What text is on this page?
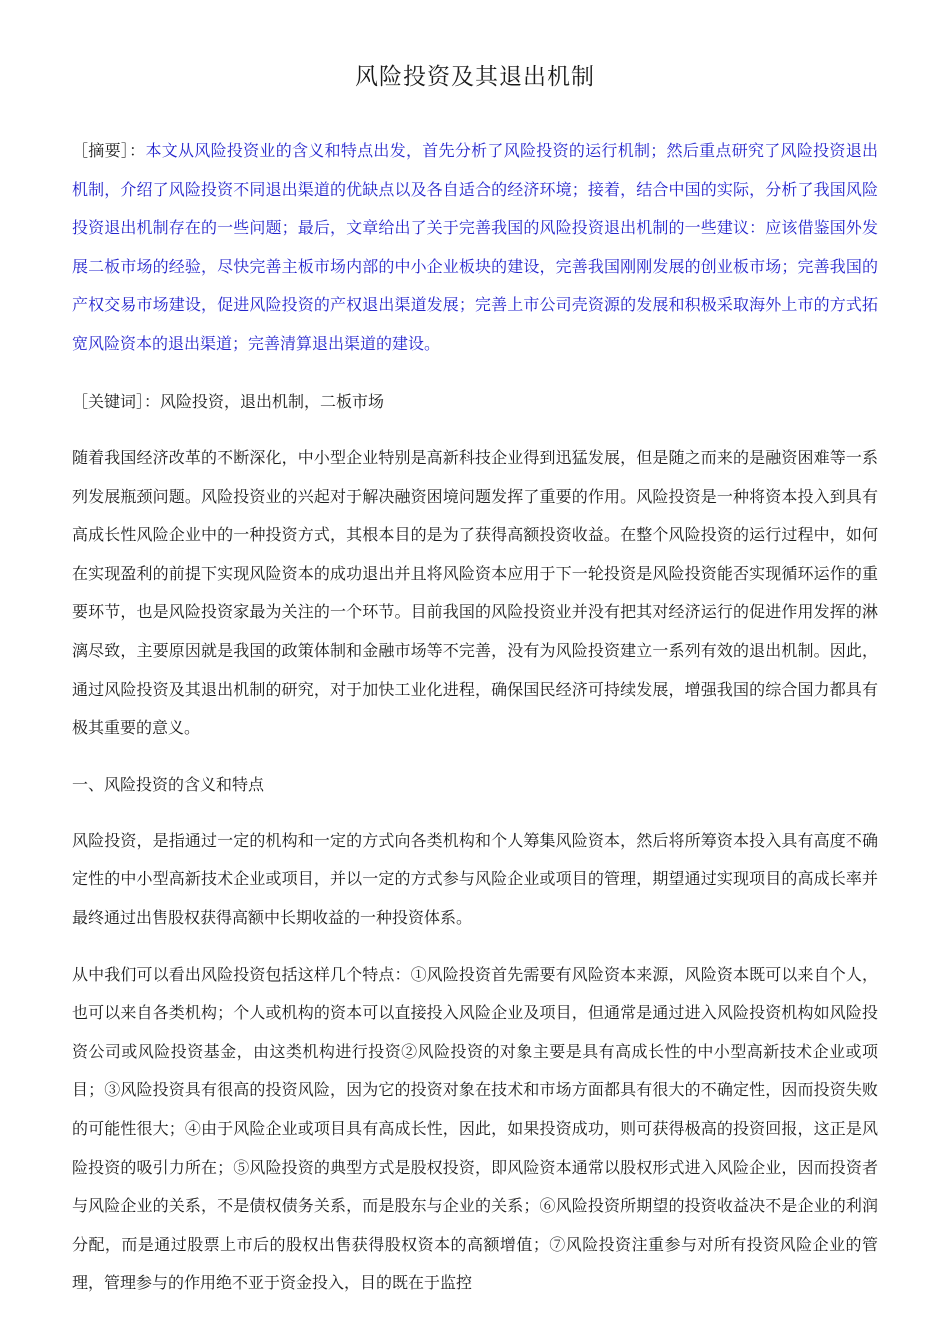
风险投资及其退出机制

［摘要］：本文从风险投资业的含义和特点出发，首先分析了风险投资的运行机制；然后重点研究了风险投资退出机制，介绍了风险投资不同退出渠道的优缺点以及各自适合的经济环境；接着，结合中国的实际，分析了我国风险投资退出机制存在的一些问题；最后，文章给出了关于完善我国的风险投资退出机制的一些建议：应该借鉴国外发展二板市场的经验，尽快完善主板市场内部的中小企业板块的建设，完善我国刚刚发展的创业板市场；完善我国的产权交易市场建设，促进风险投资的产权退出渠道发展；完善上市公司壳资源的发展和积极采取海外上市的方式拓宽风险资本的退出渠道；完善清算退出渠道的建设。

［关键词］：风险投资，退出机制，二板市场

随着我国经济改革的不断深化，中小型企业特别是高新科技企业得到迅猛发展，但是随之而来的是融资困难等一系列发展瓶颈问题。风险投资业的兴起对于解决融资困境问题发挥了重要的作用。风险投资是一种将资本投入到具有高成长性风险企业中的一种投资方式，其根本目的是为了获得高额投资收益。在整个风险投资的运行过程中，如何在实现盈利的前提下实现风险资本的成功退出并且将风险资本应用于下一轮投资是风险投资能否实现循环运作的重要环节，也是风险投资家最为关注的一个环节。目前我国的风险投资业并没有把其对经济运行的促进作用发挥的淋漓尽致，主要原因就是我国的政策体制和金融市场等不完善，没有为风险投资建立一系列有效的退出机制。因此，通过风险投资及其退出机制的研究，对于加快工业化进程，确保国民经济可持续发展，增强我国的综合国力都具有极其重要的意义。

一、风险投资的含义和特点

风险投资，是指通过一定的机构和一定的方式向各类机构和个人筹集风险资本，然后将所筹资本投入具有高度不确定性的中小型高新技术企业或项目，并以一定的方式参与风险企业或项目的管理，期望通过实现项目的高成长率并最终通过出售股权获得高额中长期收益的一种投资体系。

从中我们可以看出风险投资包括这样几个特点：①风险投资首先需要有风险资本来源，风险资本既可以来自个人，也可以来自各类机构；个人或机构的资本可以直接投入风险企业及项目，但通常是通过进入风险投资机构如风险投资公司或风险投资基金，由这类机构进行投资②风险投资的对象主要是具有高成长性的中小型高新技术企业或项目；③风险投资具有很高的投资风险，因为它的投资对象在技术和市场方面都具有很大的不确定性，因而投资失败的可能性很大；④由于风险企业或项目具有高成长性，因此，如果投资成功，则可获得极高的投资回报，这正是风险投资的吸引力所在；⑤风险投资的典型方式是股权投资，即风险资本通常以股权形式进入风险企业，因而投资者与风险企业的关系，不是债权债务关系，而是股东与企业的关系；⑥风险投资所期望的投资收益决不是企业的利润分配，而是通过股票上市后的股权出售获得股权资本的高额增值；⑦风险投资注重参与对所有投资风险企业的管理，管理参与的作用绝不亚于资金投入，目的既在于监控
